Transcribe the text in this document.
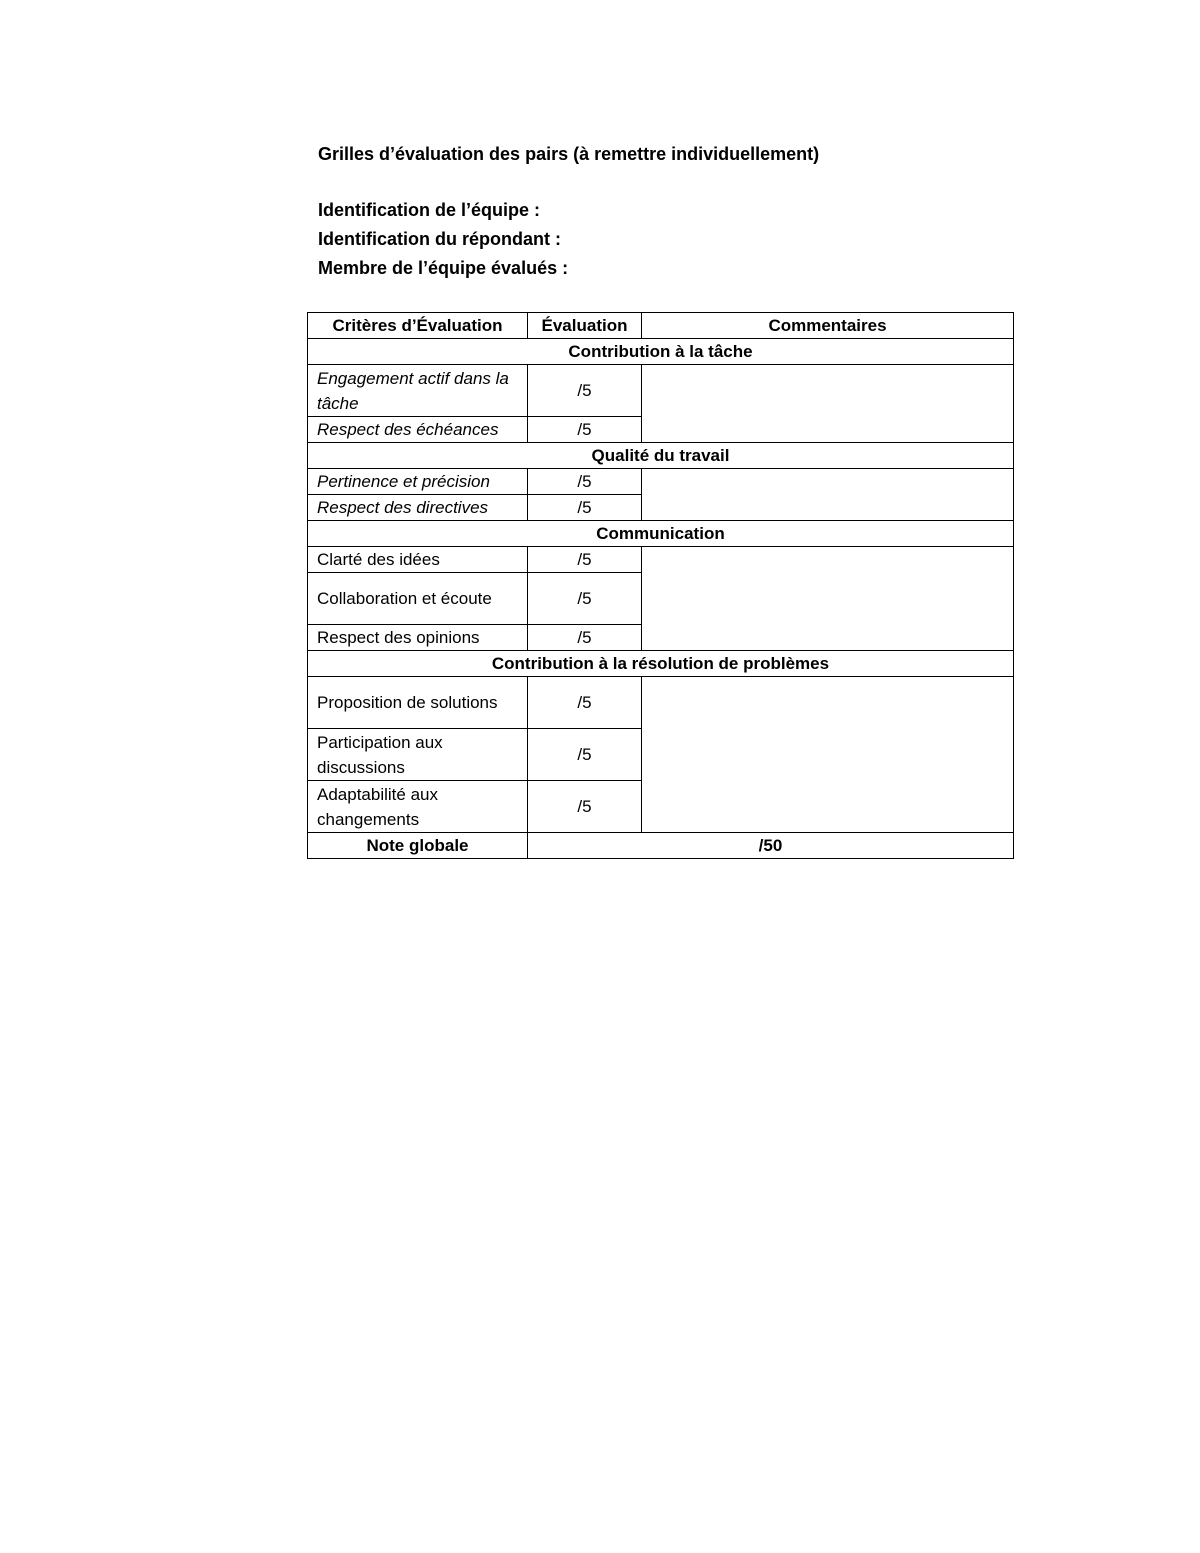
Grilles d’évaluation des pairs (à remettre individuellement)
Identification de l’équipe :
Identification du répondant :
Membre de l’équipe évalués :
Critères d’Évaluation	Évaluation	Commentaires
Contribution à la tâche		
Engagement actif dans la tâche	/5	
Respect des échéances	/5	
Qualité du travail		
Pertinence et précision	/5	
Respect des directives	/5	
Communication		
Clarté des idées	/5	
Collaboration et écoute	/5	
Respect des opinions	/5	
Contribution à la résolution de problèmes		
Proposition de solutions	/5	
Participation aux discussions	/5	
Adaptabilité aux changements	/5	
Note globale	/50	
